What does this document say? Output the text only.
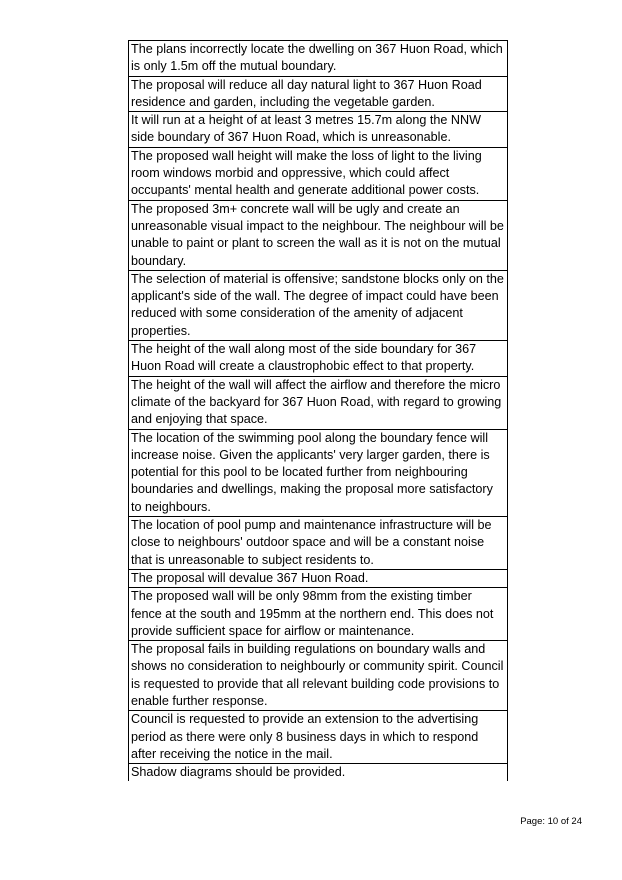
The plans incorrectly locate the dwelling on 367 Huon Road, which is only 1.5m off the mutual boundary.
The proposal will reduce all day natural light to 367 Huon Road residence and garden, including the vegetable garden.
It will run at a height of at least 3 metres 15.7m along the NNW side boundary of 367 Huon Road, which is unreasonable.
The proposed wall height will make the loss of light to the living room windows morbid and oppressive, which could affect occupants' mental health and generate additional power costs.
The proposed 3m+ concrete wall will be ugly and create an unreasonable visual impact to the neighbour. The neighbour will be unable to paint or plant to screen the wall as it is not on the mutual boundary.
The selection of material is offensive; sandstone blocks only on the applicant's side of the wall. The degree of impact could have been reduced with some consideration of the amenity of adjacent properties.
The height of the wall along most of the side boundary for 367 Huon Road will create a claustrophobic effect to that property.
The height of the wall will affect the airflow and therefore the micro climate of the backyard for 367 Huon Road, with regard to growing and enjoying that space.
The location of the swimming pool along the boundary fence will increase noise. Given the applicants' very larger garden, there is potential for this pool to be located further from neighbouring boundaries and dwellings, making the proposal more satisfactory to neighbours.
The location of pool pump and maintenance infrastructure will be close to neighbours' outdoor space and will be a constant noise that is unreasonable to subject residents to.
The proposal will devalue 367 Huon Road.
The proposed wall will be only 98mm from the existing timber fence at the south and 195mm at the northern end. This does not provide sufficient space for airflow or maintenance.
The proposal fails in building regulations on boundary walls and shows no consideration to neighbourly or community spirit. Council is requested to provide that all relevant building code provisions to enable further response.
Council is requested to provide an extension to the advertising period as there were only 8 business days in which to respond after receiving the notice in the mail.
Shadow diagrams should be provided.
Page: 10 of 24
